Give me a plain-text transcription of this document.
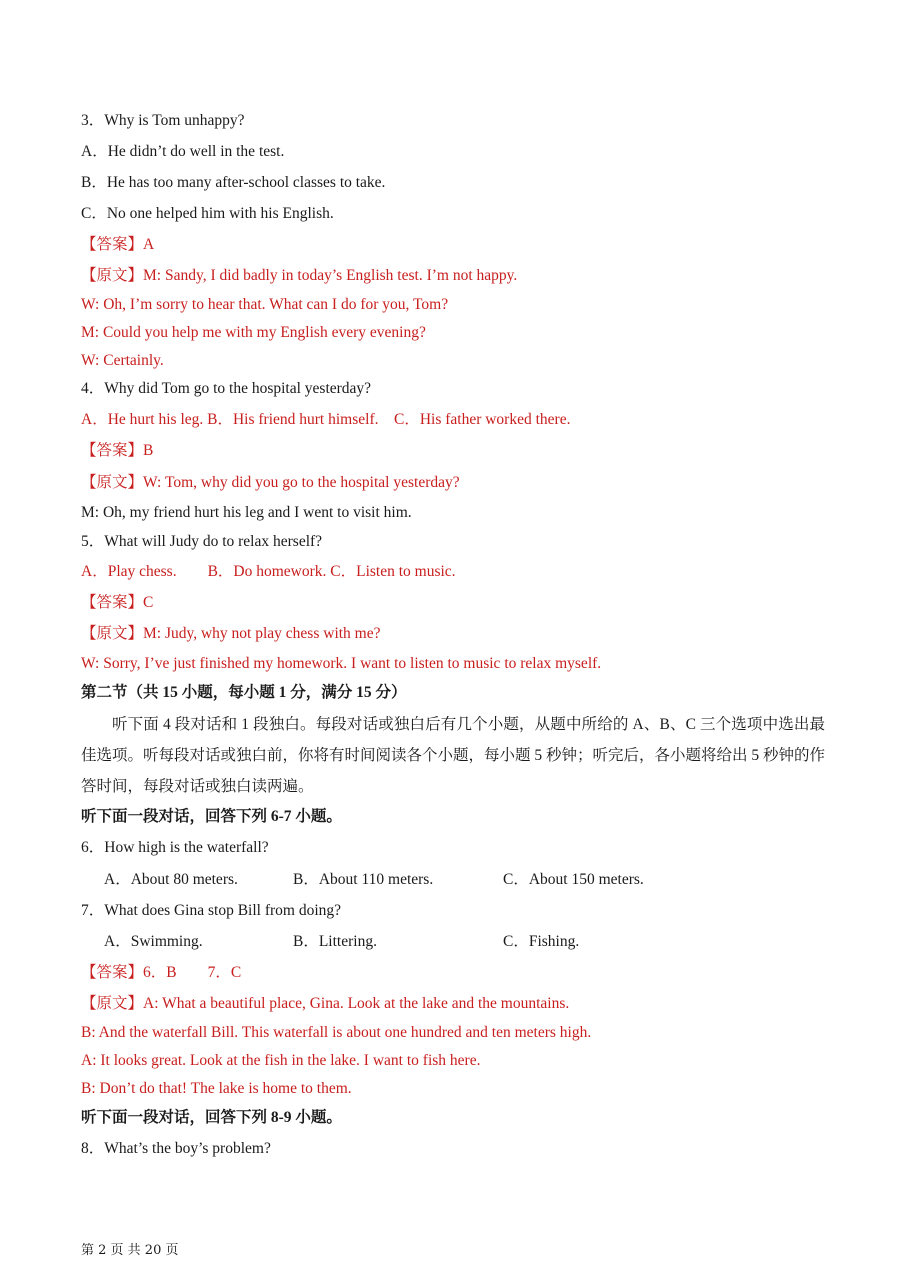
3．Why is Tom unhappy?
A．He didn’t do well in the test.
B．He has too many after-school classes to take.
C．No one helped him with his English.
【答案】A
【原文】M: Sandy, I did badly in today’s English test. I’m not happy.
W: Oh, I’m sorry to hear that. What can I do for you, Tom?
M: Could you help me with my English every evening?
W: Certainly.
4．Why did Tom go to the hospital yesterday?
A．He hurt his leg. B．His friend hurt himself.　C．His father worked there.
【答案】B
【原文】W: Tom, why did you go to the hospital yesterday?
M: Oh, my friend hurt his leg and I went to visit him.
5．What will Judy do to relax herself?
A．Play chess.　　B．Do homework. C．Listen to music.
【答案】C
【原文】M: Judy, why not play chess with me?
W: Sorry, I’ve just finished my homework. I want to listen to music to relax myself.
第二节（共 15 小题，每小题 1 分，满分 15 分）
听下面 4 段对话和 1 段独白。每段对话或独白后有几个小题，从题中所给的 A、B、C 三个选项中选出最佳选项。听每段对话或独白前，你将有时间阅读各个小题，每小题 5 秒钟；听完后，各小题将给出 5 秒钟的作答时间，每段对话或独白读两遍。
听下面一段对话，回答下列 6-7 小题。
6．How high is the waterfall?
A．About 80 meters.	B．About 110 meters.	C．About 150 meters.
7．What does Gina stop Bill from doing?
A．Swimming.	B．Littering.	C．Fishing.
【答案】6．B　　7．C
【原文】A: What a beautiful place, Gina. Look at the lake and the mountains.
B: And the waterfall Bill. This waterfall is about one hundred and ten meters high.
A: It looks great. Look at the fish in the lake. I want to fish here.
B: Don’t do that! The lake is home to them.
听下面一段对话，回答下列 8-9 小题。
8．What’s the boy’s problem?
第 2 页 共 20 页
